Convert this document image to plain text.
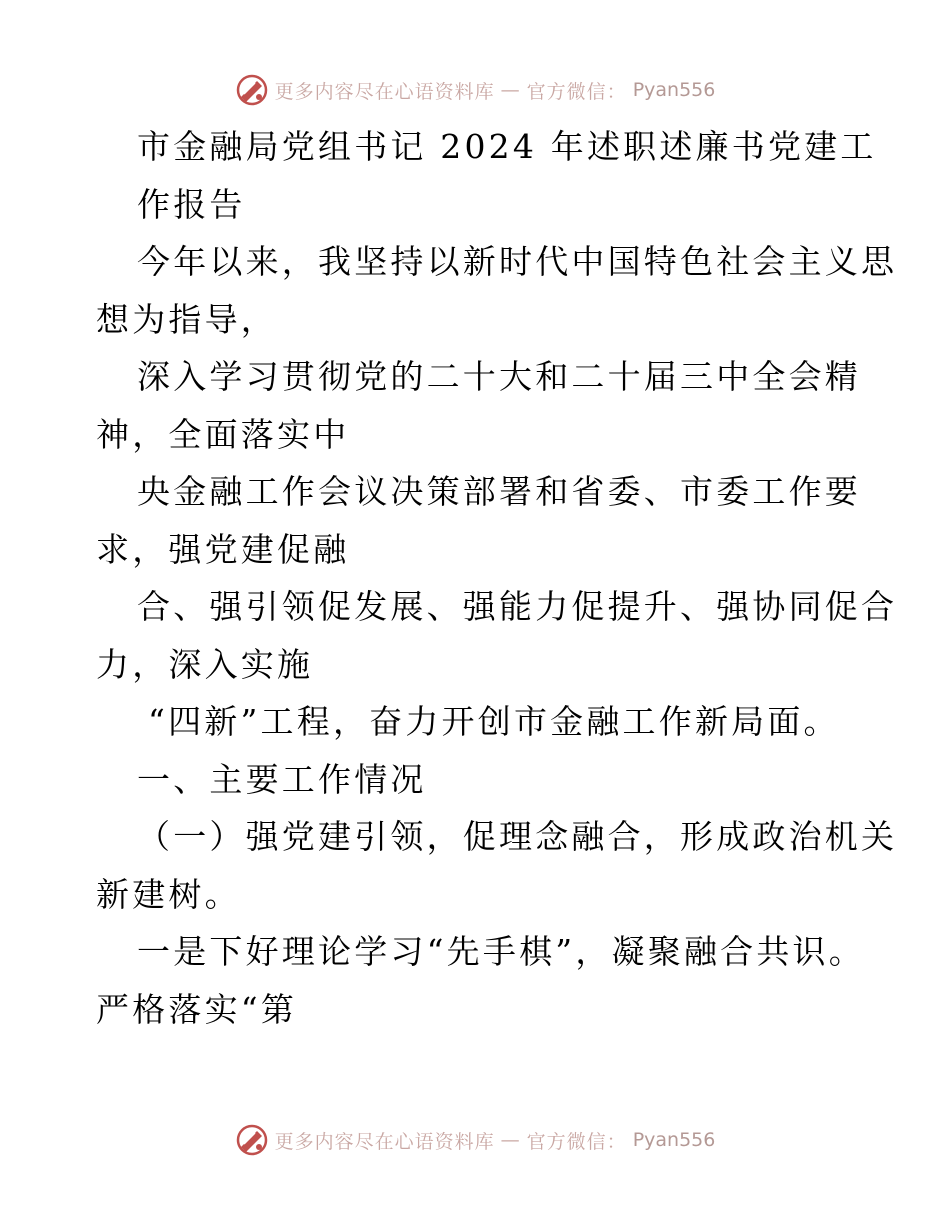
更多内容尽在心语资料库 — 官方微信： Pyan556
市金融局党组书记 2024 年述职述廉书党建工
作报告
今年以来，我坚持以新时代中国特色社会主义思
想为指导，
深入学习贯彻党的二十大和二十届三中全会精
神，全面落实中
央金融工作会议决策部署和省委、市委工作要
求，强党建促融
合、强引领促发展、强能力促提升、强协同促合
力，深入实施
“四新”工程，奋力开创市金融工作新局面。
一、主要工作情况
（一）强党建引领，促理念融合，形成政治机关
新建树。
一是下好理论学习“先手棋”，凝聚融合共识。
严格落实“第
更多内容尽在心语资料库 — 官方微信： Pyan556
